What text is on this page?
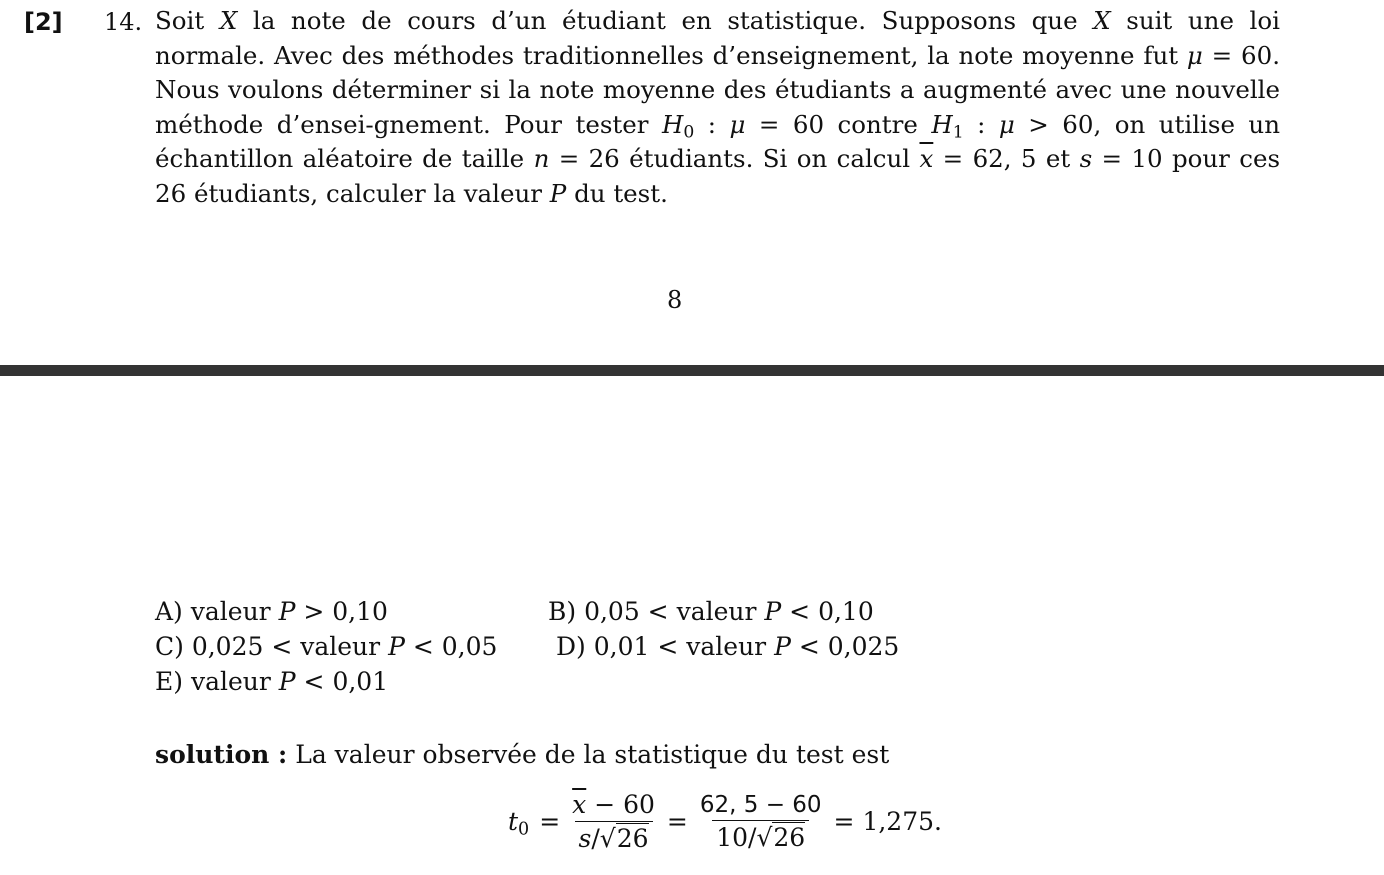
[2] 14. Soit X la note de cours d’un étudiant en statistique. Supposons que X suit une loi normale. Avec des méthodes traditionnelles d’enseignement, la note moyenne fut μ = 60. Nous voulons déterminer si la note moyenne des étudiants a augmenté avec une nouvelle méthode d’ensei-gnement. Pour tester $H_0$ : μ = 60 contre $H_1$ : μ > 60, on utilise un échantillon aléatoire de taille n = 26 étudiants. Si on calcul $\overline{x} = 62$, 5 et s = 10 pour ces 26 étudiants, calculer la valeur P du test.

8
A) valeur P > 0,10	B) 0,05 < valeur P < 0,10
C) 0,025 < valeur P < 0,05 D) 0,01 < valeur P < 0,025
E) valeur P < 0,01
solution : La valeur observée de la statistique du test est
$t_0 = \frac{\overline{x} - 60}{s/√26} = \frac{62, 5 - 60}{10/√26} = 1,275$.
